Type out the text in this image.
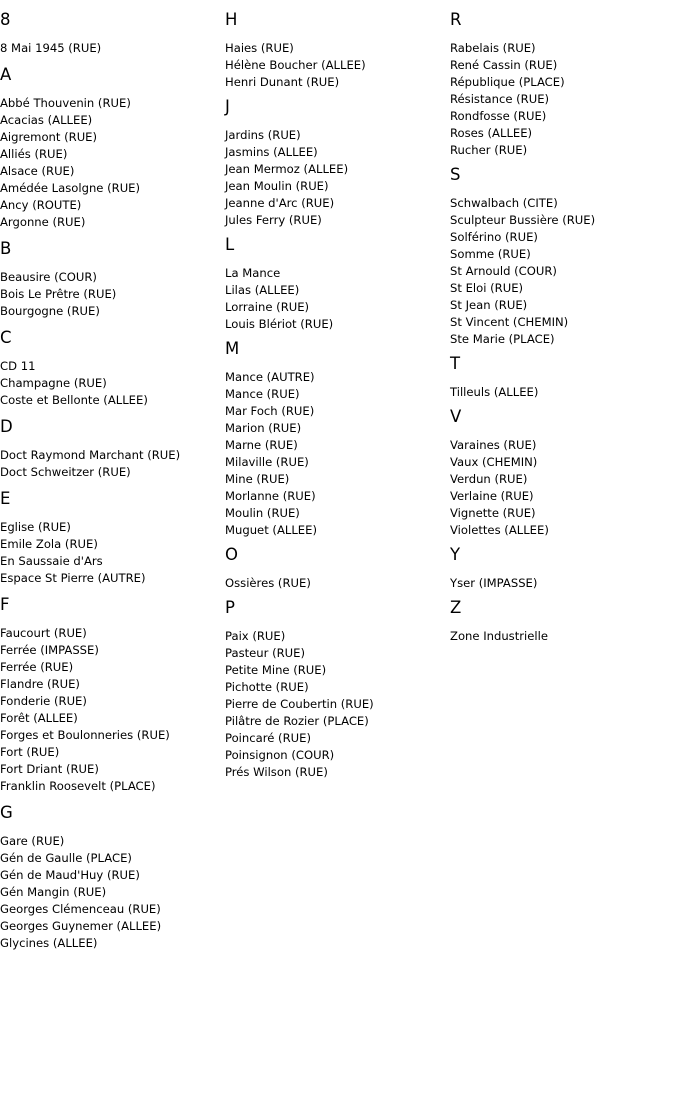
8
8 Mai 1945 (RUE)
A
Abbé Thouvenin (RUE)
Acacias (ALLEE)
Aigremont (RUE)
Alliés (RUE)
Alsace (RUE)
Amédée Lasolgne (RUE)
Ancy (ROUTE)
Argonne (RUE)
B
Beausire (COUR)
Bois Le Prêtre (RUE)
Bourgogne (RUE)
C
CD 11
Champagne (RUE)
Coste et Bellonte (ALLEE)
D
Doct Raymond Marchant (RUE)
Doct Schweitzer (RUE)
E
Eglise (RUE)
Emile Zola (RUE)
En Saussaie d'Ars
Espace St Pierre (AUTRE)
F
Faucourt (RUE)
Ferrée (IMPASSE)
Ferrée (RUE)
Flandre (RUE)
Fonderie (RUE)
Forêt (ALLEE)
Forges et Boulonneries (RUE)
Fort (RUE)
Fort Driant (RUE)
Franklin Roosevelt (PLACE)
G
Gare (RUE)
Gén de Gaulle (PLACE)
Gén de Maud'Huy (RUE)
Gén Mangin (RUE)
Georges Clémenceau (RUE)
Georges Guynemer (ALLEE)
Glycines (ALLEE)
H
Haies (RUE)
Hélène Boucher (ALLEE)
Henri Dunant (RUE)
J
Jardins (RUE)
Jasmins (ALLEE)
Jean Mermoz (ALLEE)
Jean Moulin (RUE)
Jeanne d'Arc (RUE)
Jules Ferry (RUE)
L
La Mance
Lilas (ALLEE)
Lorraine (RUE)
Louis Blériot (RUE)
M
Mance (AUTRE)
Mance (RUE)
Mar Foch (RUE)
Marion (RUE)
Marne (RUE)
Milaville (RUE)
Mine (RUE)
Morlanne (RUE)
Moulin (RUE)
Muguet (ALLEE)
O
Ossières (RUE)
P
Paix (RUE)
Pasteur (RUE)
Petite Mine (RUE)
Pichotte (RUE)
Pierre de Coubertin (RUE)
Pilâtre de Rozier (PLACE)
Poincaré (RUE)
Poinsignon (COUR)
Prés Wilson (RUE)
R
Rabelais (RUE)
René Cassin (RUE)
République (PLACE)
Résistance (RUE)
Rondfosse (RUE)
Roses (ALLEE)
Rucher (RUE)
S
Schwalbach (CITE)
Sculpteur Bussière (RUE)
Solférino (RUE)
Somme (RUE)
St Arnould (COUR)
St Eloi (RUE)
St Jean (RUE)
St Vincent (CHEMIN)
Ste Marie (PLACE)
T
Tilleuls (ALLEE)
V
Varaines (RUE)
Vaux (CHEMIN)
Verdun (RUE)
Verlaine (RUE)
Vignette (RUE)
Violettes (ALLEE)
Y
Yser (IMPASSE)
Z
Zone Industrielle
